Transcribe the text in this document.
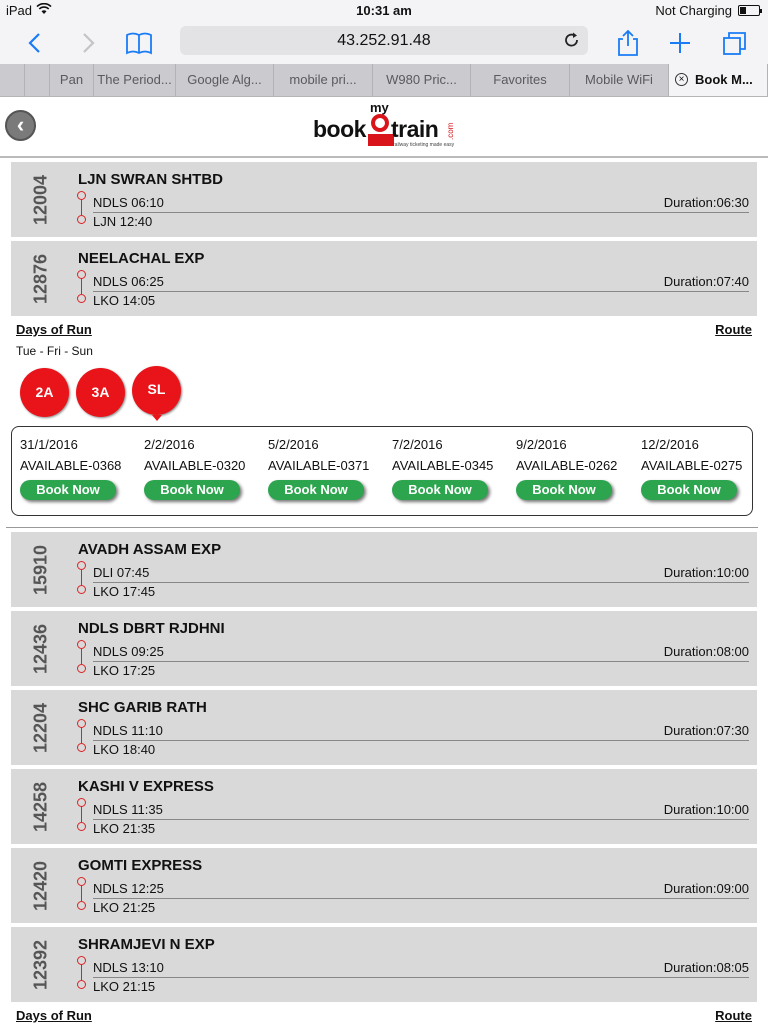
iPad	10:31 am	Not Charging
43.252.91.48
Pan	The Period...	Google Alg...	mobile pri...	W980 Pric...	Favorites	Mobile WiFi	× Book M...
‹
my
book train
railway ticketing made easy
.com
12004 LJN SWRAN SHTBD
NDLS 06:10
LJN 12:40
Duration:06:30
12876 NEELACHAL EXP
NDLS 06:25
LKO 14:05
Duration:07:40
Days of Run	Route
Tue - Fri - Sun
2A	3A	SL
31/1/2016
AVAILABLE-0368
Book Now
2/2/2016
AVAILABLE-0320
Book Now
5/2/2016
AVAILABLE-0371
Book Now
7/2/2016
AVAILABLE-0345
Book Now
9/2/2016
AVAILABLE-0262
Book Now
12/2/2016
AVAILABLE-0275
Book Now
15910 AVADH ASSAM EXP
DLI 07:45
LKO 17:45
Duration:10:00
12436 NDLS DBRT RJDHNI
NDLS 09:25
LKO 17:25
Duration:08:00
12204 SHC GARIB RATH
NDLS 11:10
LKO 18:40
Duration:07:30
14258 KASHI V EXPRESS
NDLS 11:35
LKO 21:35
Duration:10:00
12420 GOMTI EXPRESS
NDLS 12:25
LKO 21:25
Duration:09:00
12392 SHRAMJEVI N EXP
NDLS 13:10
LKO 21:15
Duration:08:05
Days of Run	Route
